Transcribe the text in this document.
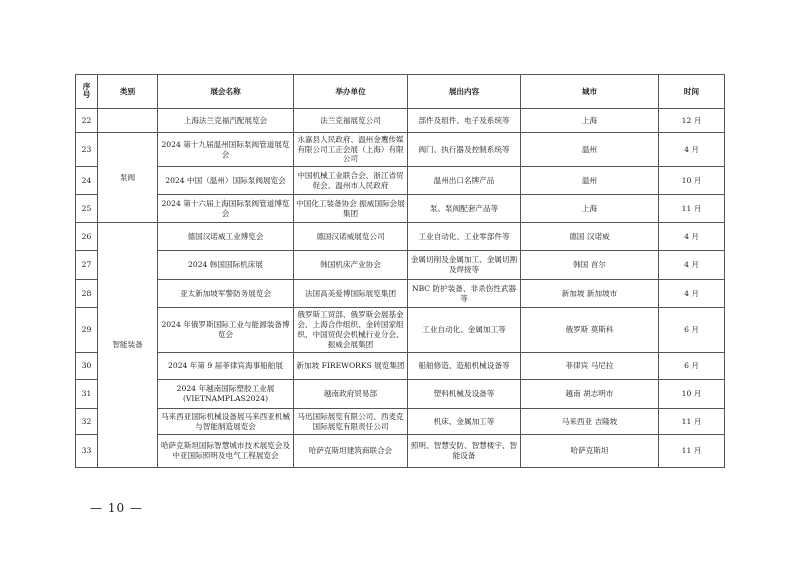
序号	类别	展会名称	举办单位	展出内容	城市	时间
22		上海法兰克福汽配展览会	法兰克福展览公司	部件及组件、电子及系统等	上海	12 月
23	泵阀	2024 第十九届温州国际泵阀管道展览会	永嘉县人民政府、温州金鹰传媒有限公司工正会展（上海）有限公司	阀门、执行器及控制系统等	温州	4 月
24		2024 中国（温州）国际泵阀展览会	中国机械工业联合会、浙江省贸促会、温州市人民政府	温州出口名牌产品	温州	10 月
25		2024 第十六届上海国际泵阀管道博览会	中国化工装备协会 振威国际会展集团	泵、泵阀配套产品等	上海	11 月
26	智能装备	德国汉诺威工业博览会	德国汉诺威展览公司	工业自动化、工业零部件等	德国 汉诺威	4 月
27		2024 韩国国际机床展	韩国机床产业协会	金属切削及金属加工、金属切割及焊接等	韩国 首尔	4 月
28		亚太新加坡军警防务展览会	法国高美爱博国际展览集团	NBC 防护装备、非杀伤性武器等	新加坡 新加坡市	4 月
29		2024 年俄罗斯国际工业与能源装备博览会	俄罗斯工贸部、俄罗斯会展基金会、上海合作组织、金砖国家组织、中国贸促会机械行业分会、振威会展集团	工业自动化、金属加工等	俄罗斯 莫斯科	6 月
30		2024 年第 9 届菲律宾海事船舶展	新加坡 FIREWORKS 展览集团	船舶修造、造船机械设备等	菲律宾 马尼拉	6 月
31		2024 年越南国际塑胶工业展 (VIETNAMPLAS2024)	越南政府贸易部	塑料机械及设备等	越南 胡志明市	10 月
32		马来西亚国际机械设备展马来西亚机械与智能制造展览会	马迅国际展览有限公司、西麦克国际展览有限责任公司	机床、金属加工等	马来西亚 吉隆坡	11 月
33		哈萨克斯坦国际智慧城市技术展览会及中亚国际照明及电气工程展览会	哈萨克斯坦建筑商联合会	照明、智慧安防、智慧楼宇、智能设备	哈萨克斯坦	11 月
— 10 —
